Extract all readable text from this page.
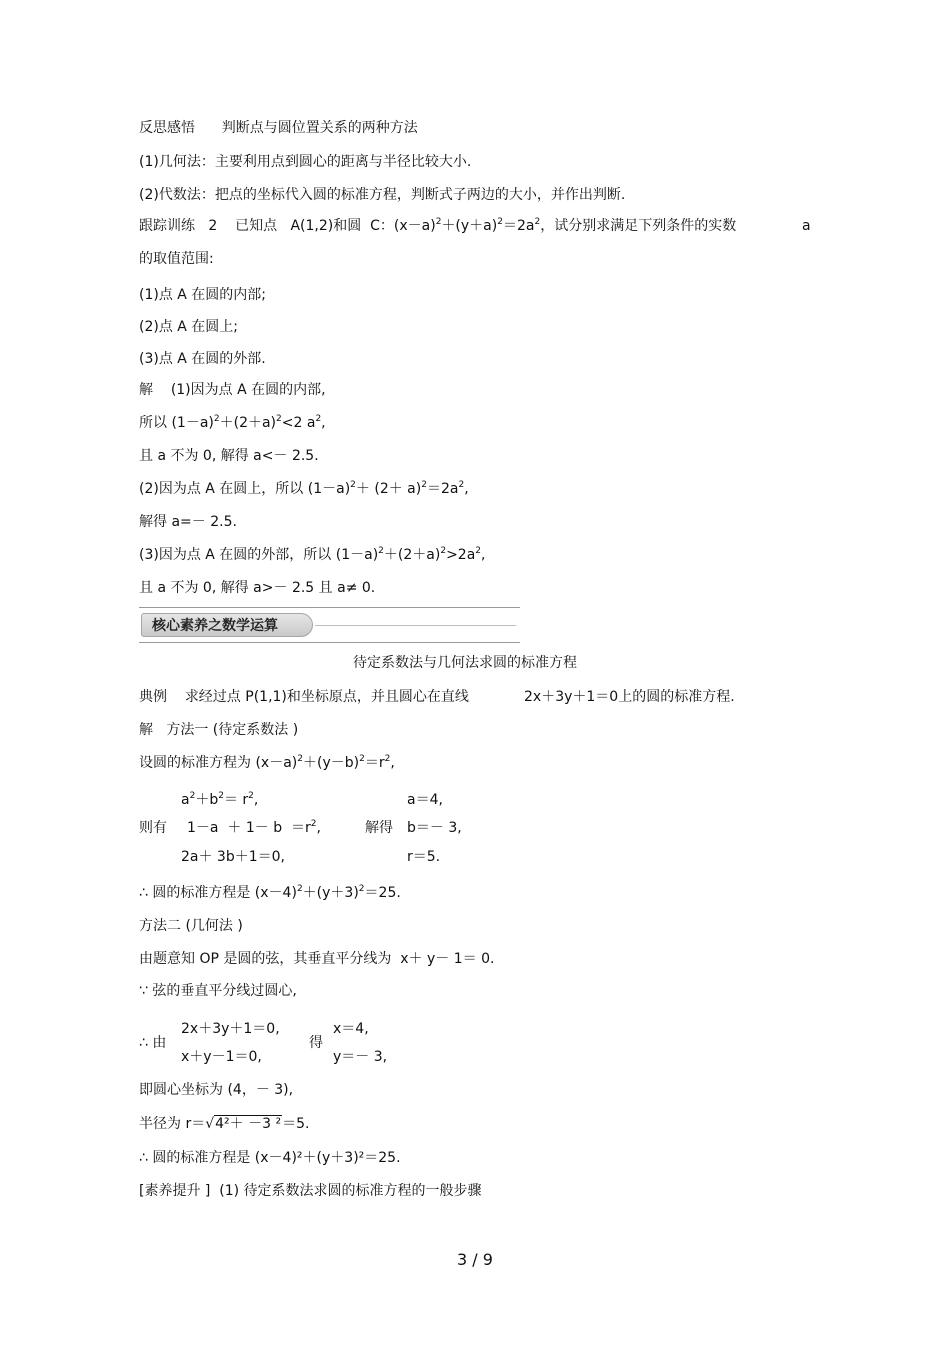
反思感悟 判断点与圆位置关系的两种方法
(1)几何法：主要利用点到圆心的距离与半径比较大小.
(2)代数法：把点的坐标代入圆的标准方程，判断式子两边的大小，并作出判断.
跟踪训练 2 已知点 A(1,2)和圆 C：$(x-a)^2+(y+a)^2=2a^2$，试分别求满足下列条件的实数	a
的取值范围:
(1)点 A 在圆的内部;
(2)点 A 在圆上;
(3)点 A 在圆的外部.
解 (1)因为点 A 在圆的内部,
所以 $(1-a)^2+(2+a)^2<2$ $a^2$,
且 a 不为 0, 解得 a<－ 2.5.
(2)因为点 A 在圆上，所以 $(1-a)^2+ (2+ a)^2=2a^2$,
解得 a=－ 2.5.
(3)因为点 A 在圆的外部，所以 $(1-a)^2+(2+a)^2>2a^2$,
且 a 不为 0, 解得 a>－ 2.5 且 a≠ 0.
核心素养之数学运算
待定系数法与几何法求圆的标准方程
典例 求经过点 P(1,1)和坐标原点，并且圆心在直线	2x＋3y＋1＝0上的圆的标准方程.
解   方法一 (待定系数法 )
设圆的标准方程为 $(x-a)^2+(y-b)^2=r^2$,
$a^2+b^2= r^2$,
则有 $1-a + 1- b =r^2$,
2a＋ 3b＋1＝0,
解得
a＝4,
b＝－ 3,
r＝5.
∴ 圆的标准方程是 $(x-4)^2+(y+3)^2=25$.
方法二 (几何法 )
由题意知 OP 是圆的弦，其垂直平分线为  x＋ y－ 1＝ 0.
∵ 弦的垂直平分线过圆心,
∴ 由
2x＋3y＋1＝0,
x＋y－1＝0,
得
x＝4,
y＝－ 3,
即圆心坐标为 (4，－ 3),
半径为 r＝√4²＋ －3 ²＝5.
∴ 圆的标准方程是 (x－4)²＋(y＋3)²＝25.
[素养提升 ] (1) 待定系数法求圆的标准方程的一般步骤
3 / 9
